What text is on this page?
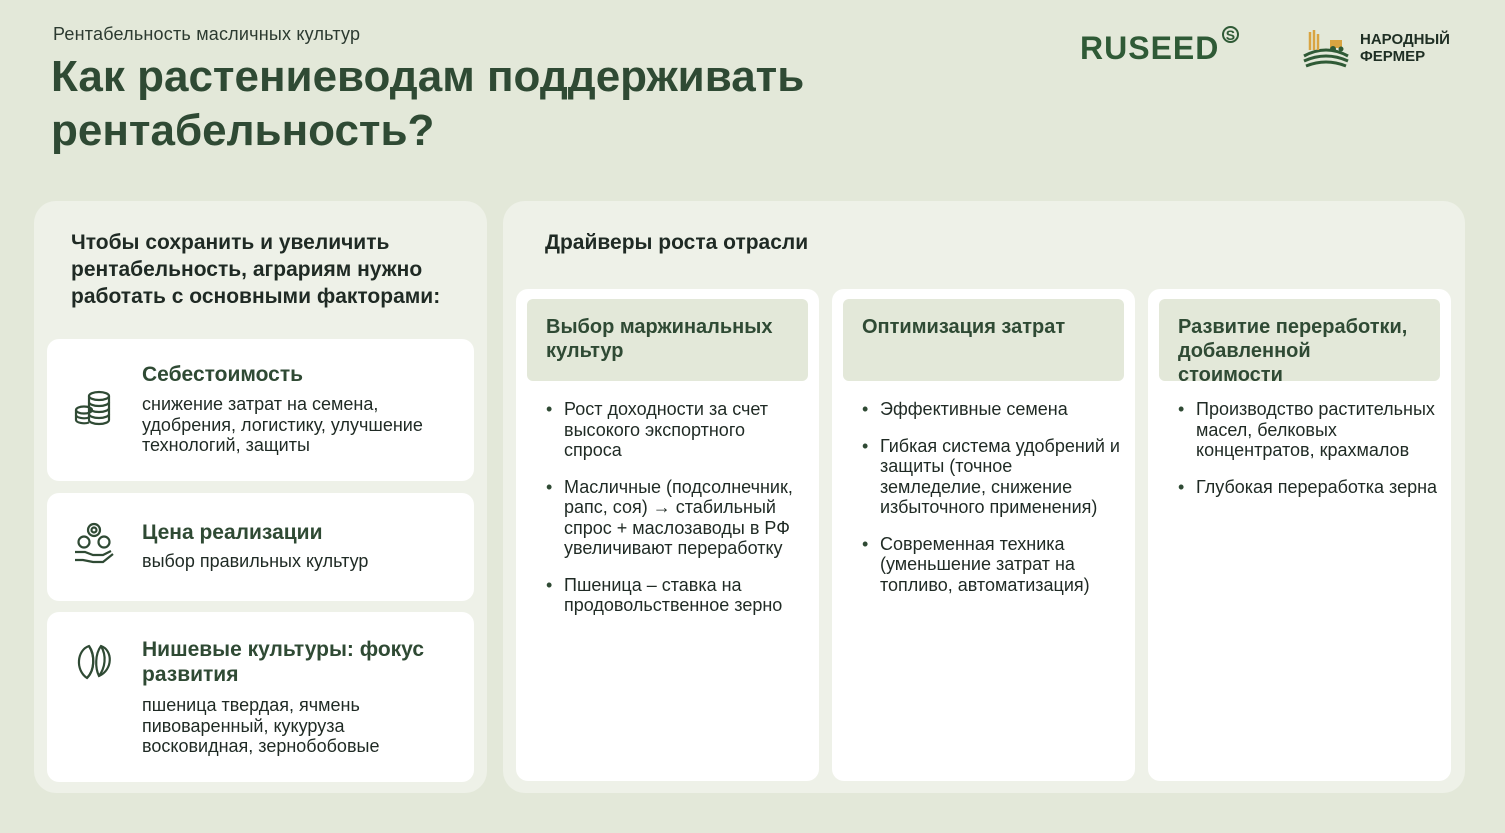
Рентабельность масличных культур
Как растениеводам поддерживать рентабельность?
RUSEED S	НАРОДНЫЙ
ФЕРМЕР
Чтобы сохранить и увеличить рентабельность, аграриям нужно работать с основными факторами:
Себестоимость
снижение затрат на семена, удобрения, логистику, улучшение технологий, защиты
Цена реализации
выбор правильных культур
Нишевые культуры: фокус развития
пшеница твердая, ячмень пивоваренный, кукуруза восковидная, зернобобовые
Драйверы роста отрасли
Выбор маржинальных культур
• Рост доходности за счет высокого экспортного спроса
• Масличные (подсолнечник, рапс, соя) → стабильный спрос + маслозаводы в РФ увеличивают переработку
• Пшеница – ставка на продовольственное зерно
Оптимизация затрат
• Эффективные семена
• Гибкая система удобрений и защиты (точное земледелие, снижение избыточного применения)
• Современная техника (уменьшение затрат на топливо, автоматизация)
Развитие переработки, добавленной стоимости
• Производство растительных масел, белковых концентратов, крахмалов
• Глубокая переработка зерна
